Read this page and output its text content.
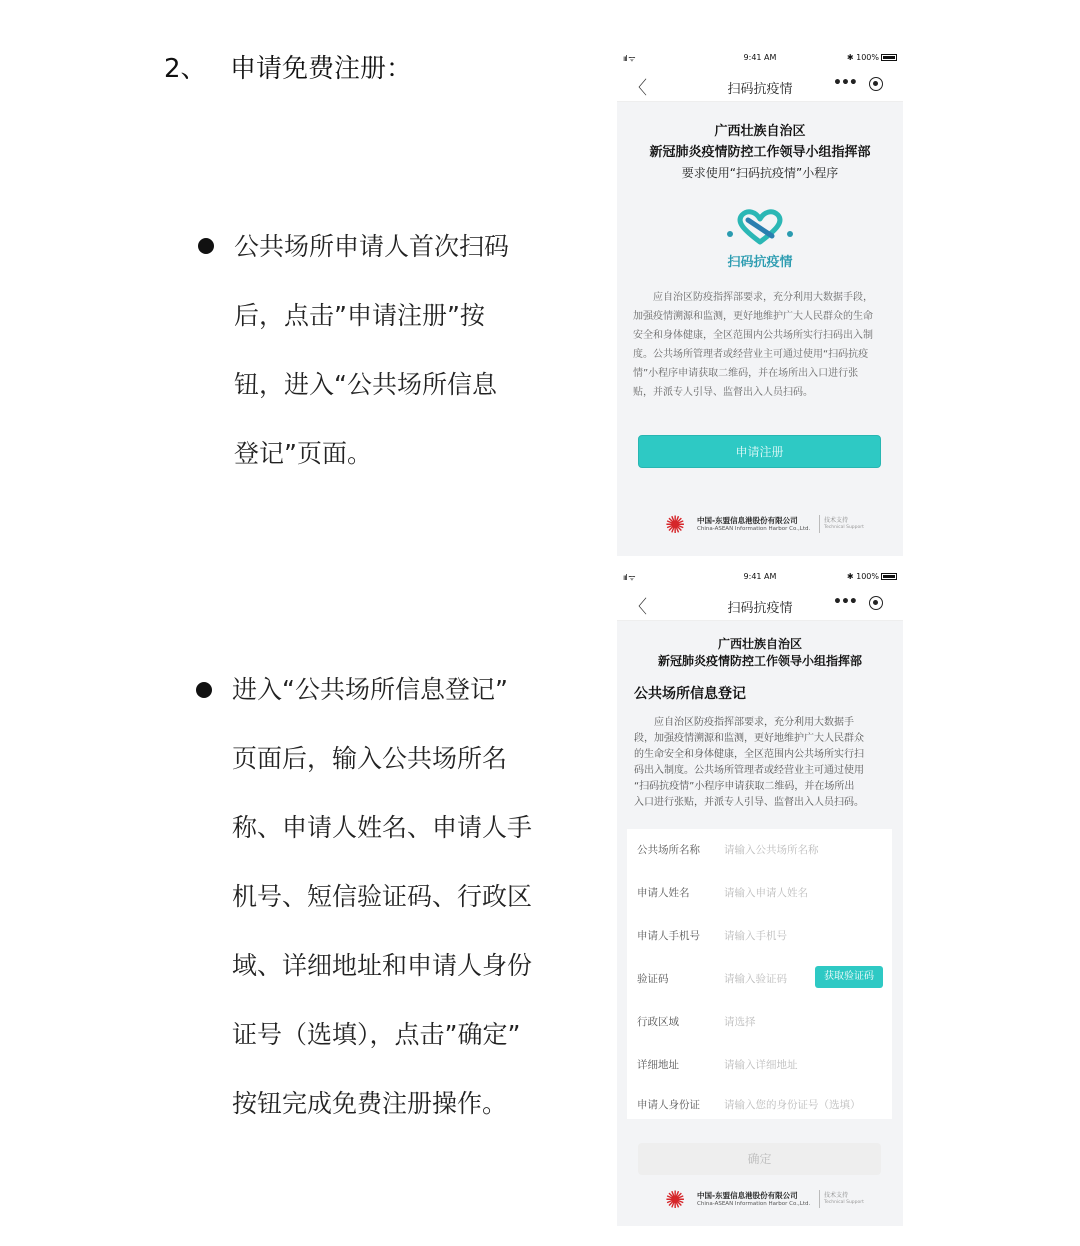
2、 申请免费注册：
公共场所申请人首次扫码
后，点击”申请注册”按
钮，进入“公共场所信息
登记”页面。
进入“公共场所信息登记”
页面后，输入公共场所名
称、申请人姓名、申请人手
机号、短信验证码、行政区
域、详细地址和申请人身份
证号（选填），点击”确定”
按钮完成免费注册操作。
ııl ᯤ	9:41 AM	✱ 100%
〈	扫码抗疫情	•••
广西壮族自治区
新冠肺炎疫情防控工作领导小组指挥部
要求使用“扫码抗疫情”小程序
扫码抗疫情
应自治区防疫指挥部要求，充分利用大数据手段，
加强疫情溯源和监测，更好地维护广大人民群众的生命
安全和身体健康，全区范围内公共场所实行扫码出入制
度。公共场所管理者或经营业主可通过使用“扫码抗疫
情”小程序申请获取二维码，并在场所出入口进行张
贴，并派专人引导、监督出入人员扫码。
申请注册
✺ 中国-东盟信息港股份有限公司
China-ASEAN Information Harbor Co.,Ltd.
技术支持
Technical Support
ııl ᯤ	9:41 AM	✱ 100%
〈	扫码抗疫情	•••
广西壮族自治区
新冠肺炎疫情防控工作领导小组指挥部
公共场所信息登记
应自治区防疫指挥部要求，充分利用大数据手
段，加强疫情溯源和监测，更好地维护广大人民群众
的生命安全和身体健康，全区范围内公共场所实行扫
码出入制度。公共场所管理者或经营业主可通过使用
“扫码抗疫情”小程序申请获取二维码，并在场所出
入口进行张贴，并派专人引导、监督出入人员扫码。
公共场所名称 请输入公共场所名称
申请人姓名	请输入申请人姓名
申请人手机号 请输入手机号
验证码	请输入验证码	获取验证码
行政区域	请选择
详细地址	请输入详细地址
申请人身份证 请输入您的身份证号（选填）
确定
✺ 中国-东盟信息港股份有限公司
China-ASEAN Information Harbor Co.,Ltd.
技术支持
Technical Support
